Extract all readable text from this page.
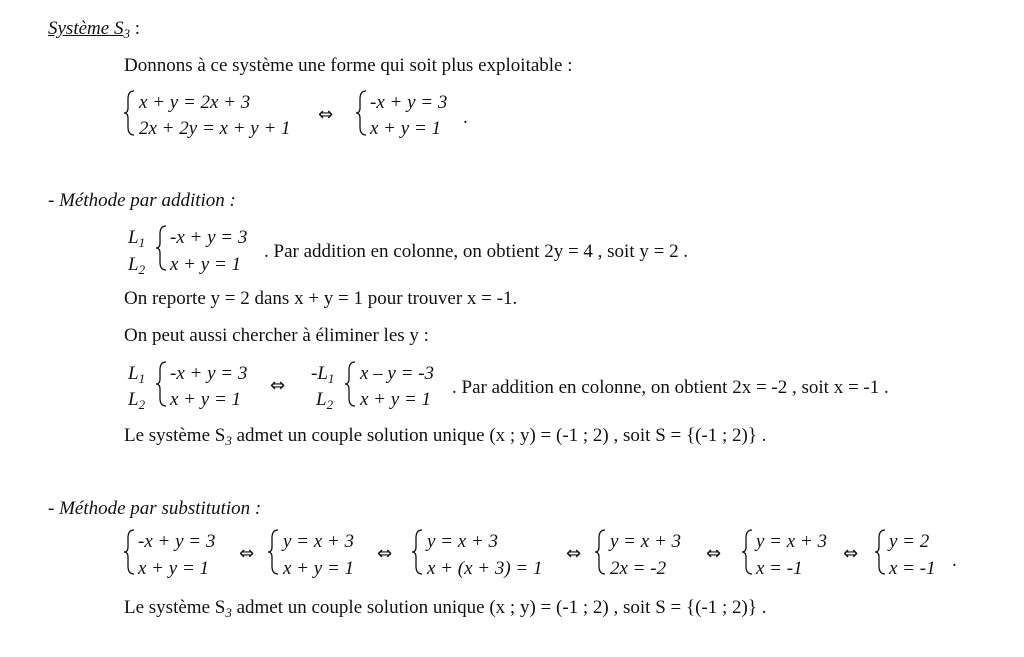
Système $S_3$ :
Donnons à ce système une forme qui soit plus exploitable :
x + y = 2x + 3
2x + 2y = x + y + 1
⇔
-x + y = 3
x + y = 1
.
- Méthode par addition :
$L_1$
$L_2$
-x + y = 3
x + y = 1
. Par addition en colonne, on obtient 2y = 4 , soit y = 2 .
On reporte y = 2 dans x + y = 1 pour trouver x = -1.
On peut aussi chercher à éliminer les y :
$L_1$
$L_2$
-x + y = 3
x + y = 1
⇔
$-L_1$
$L_2$
x – y = -3
x + y = 1
. Par addition en colonne, on obtient 2x = -2 , soit x = -1 .
Le système $S_3$ admet un couple solution unique (x ; y) = (-1 ; 2) , soit S = {(-1 ; 2)} .
- Méthode par substitution :
-x + y = 3
x + y = 1
⇔
y = x + 3
x + y = 1
⇔
y = x + 3
x + (x + 3) = 1
⇔
y = x + 3
2x = -2
⇔
y = x + 3
x = -1
⇔
y = 2
x = -1 .
Le système $S_3$ admet un couple solution unique (x ; y) = (-1 ; 2) , soit S = {(-1 ; 2)} .
